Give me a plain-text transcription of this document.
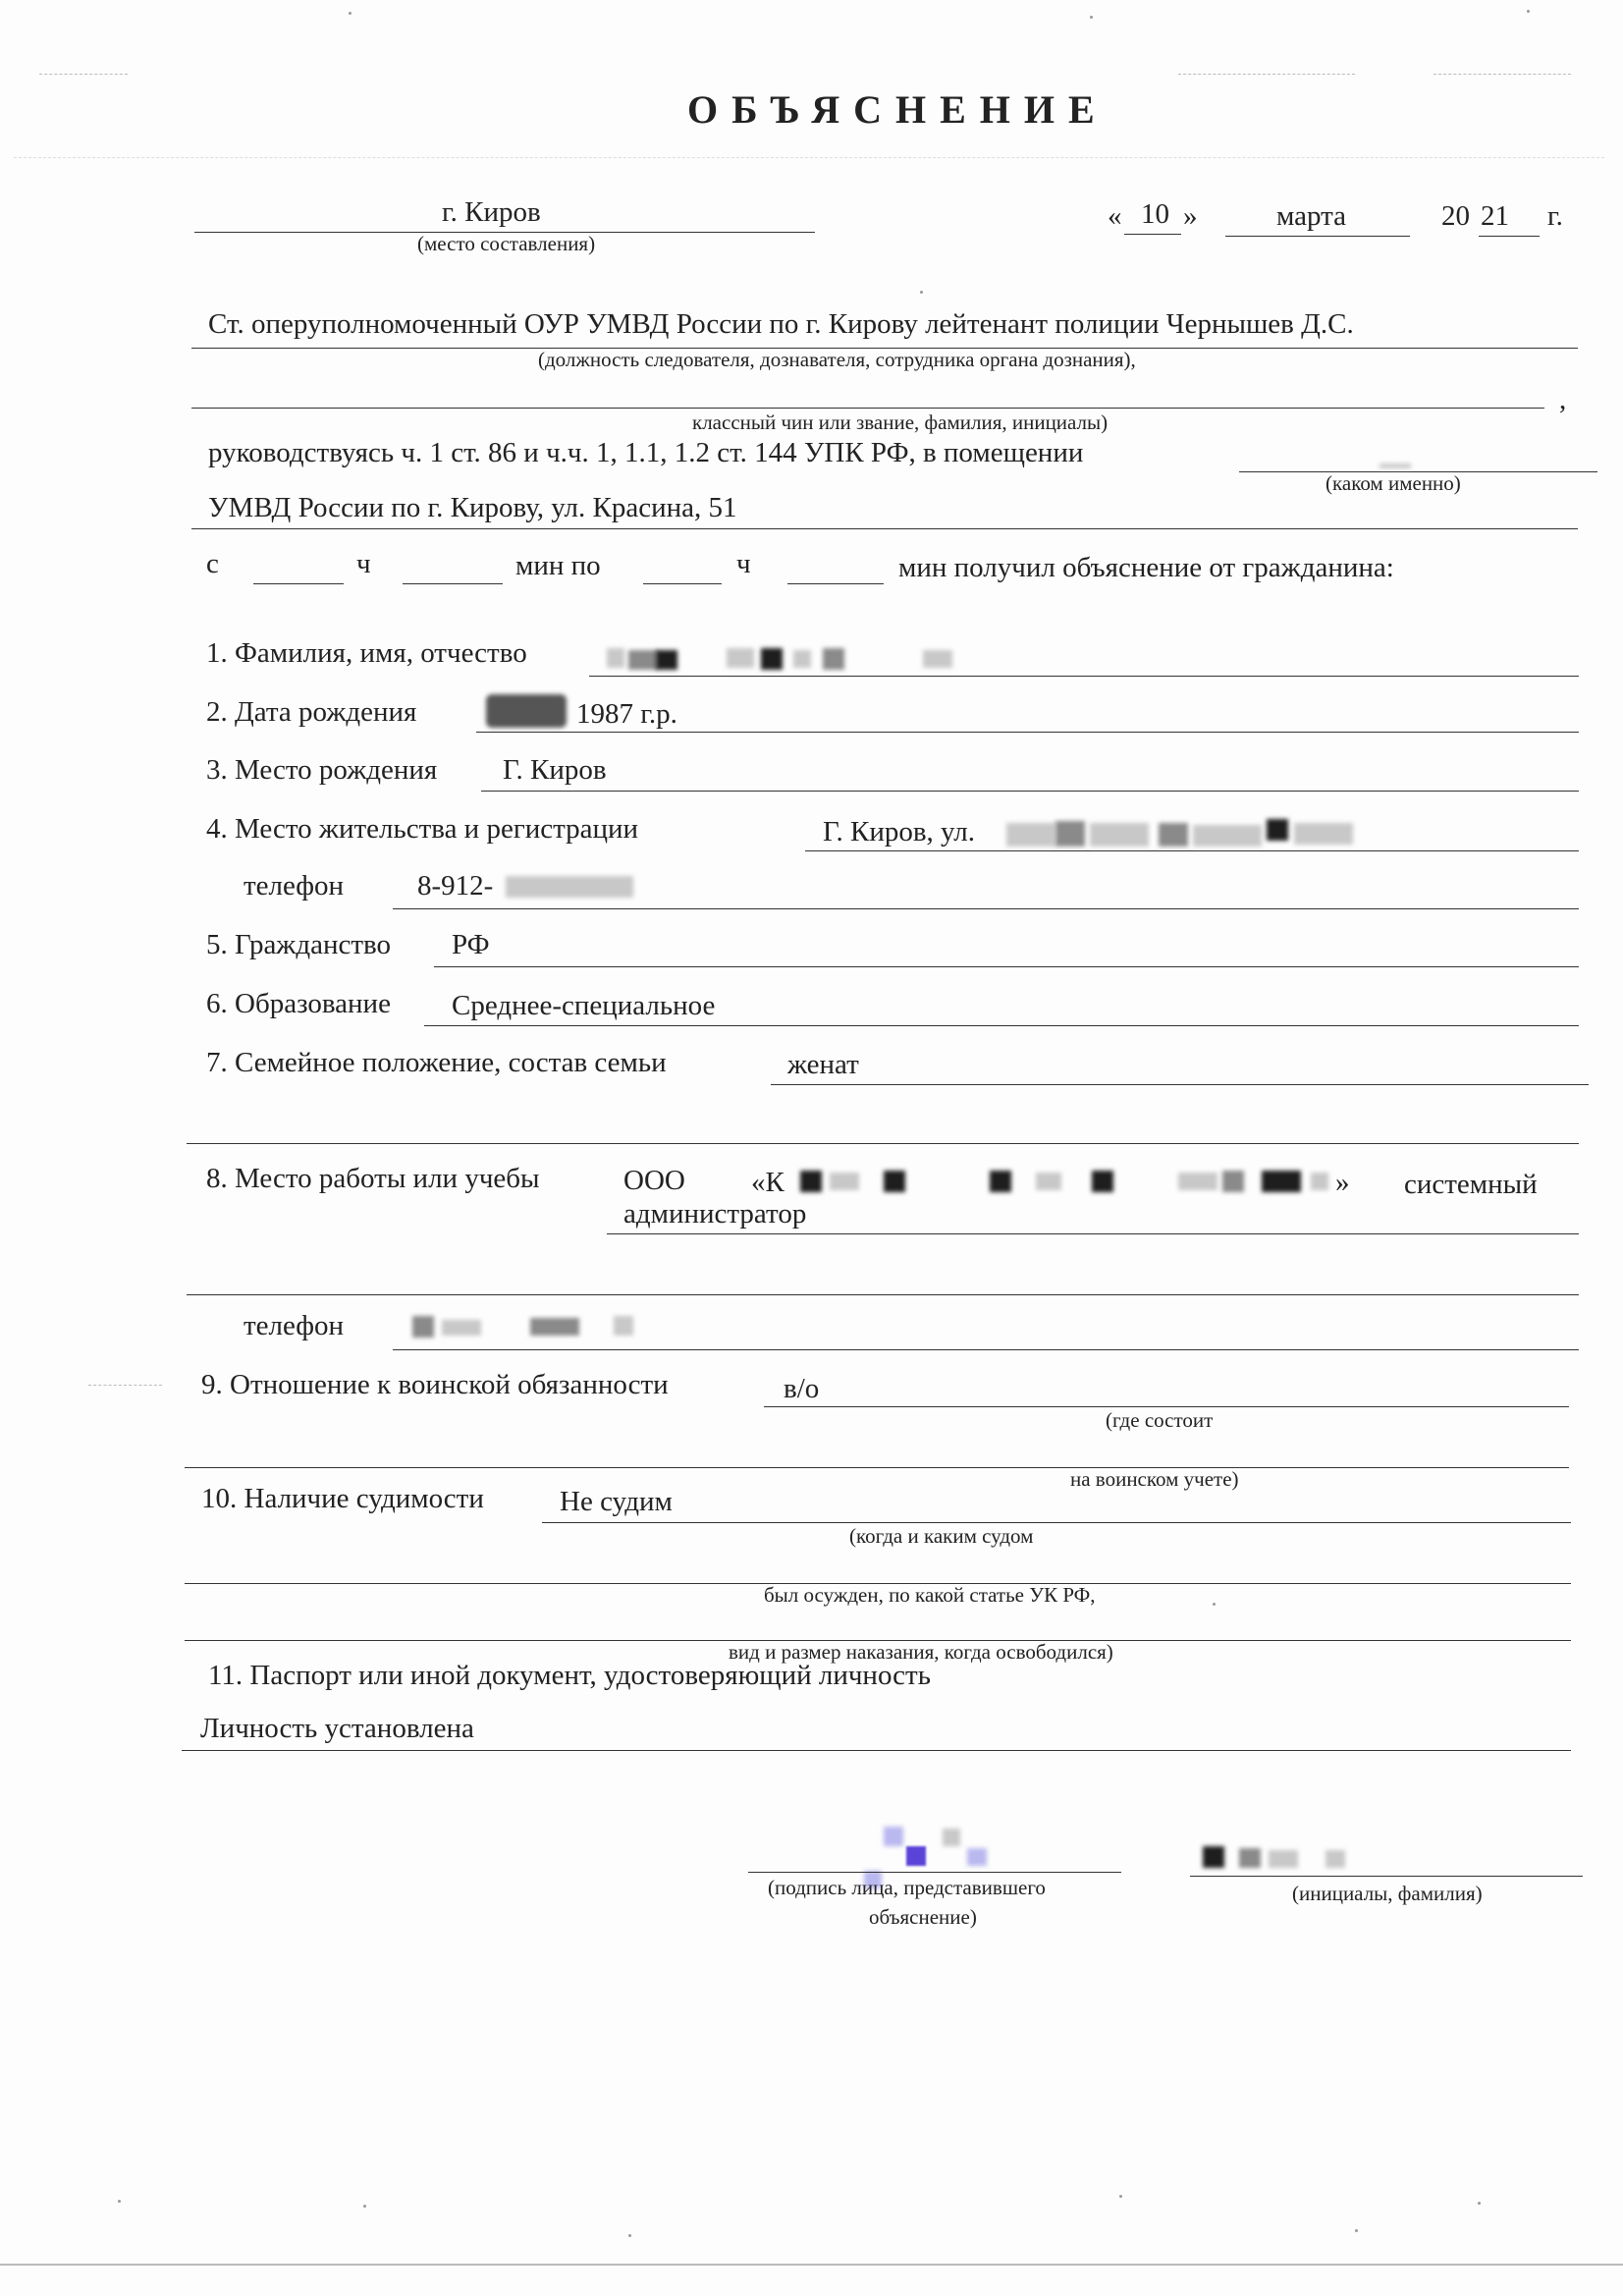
ОБЪЯСНЕНИЕ
г. Киров
(место составления)
« 10 »	марта	20 21 г.
Ст. оперуполномоченный ОУР УМВД России по г. Кирову лейтенант полиции Чернышев Д.С.
(должность следователя, дознавателя, сотрудника органа дознания),
,
классный чин или звание, фамилия, инициалы)
руководствуясь ч. 1 ст. 86 и ч.ч. 1, 1.1, 1.2 ст. 144 УПК РФ, в помещении
(каком именно)
УМВД России по г. Кирову, ул. Красина, 51
с	ч	мин по	ч	мин получил объяснение от гражданина:
1. Фамилия, имя, отчество
2. Дата рождения	1987 г.р.
3. Место рождения Г. Киров
4. Место жительства и регистрации	Г. Киров, ул.
телефон	8-912-
5. Гражданство РФ
6. Образование Среднее-специальное
7. Семейное положение, состав семьи	женат
8. Место работы или учебы	ООО «К	» системный
администратор
телефон
9. Отношение к воинской обязанности	в/о
(где состоит
на воинском учете)
10. Наличие судимости	Не судим
(когда и каким судом
был осужден, по какой статье УК РФ,
вид и размер наказания, когда освободился)
11. Паспорт или иной документ, удостоверяющий личность
Личность установлена
(подпись лица, представившего
объяснение)
(инициалы, фамилия)
